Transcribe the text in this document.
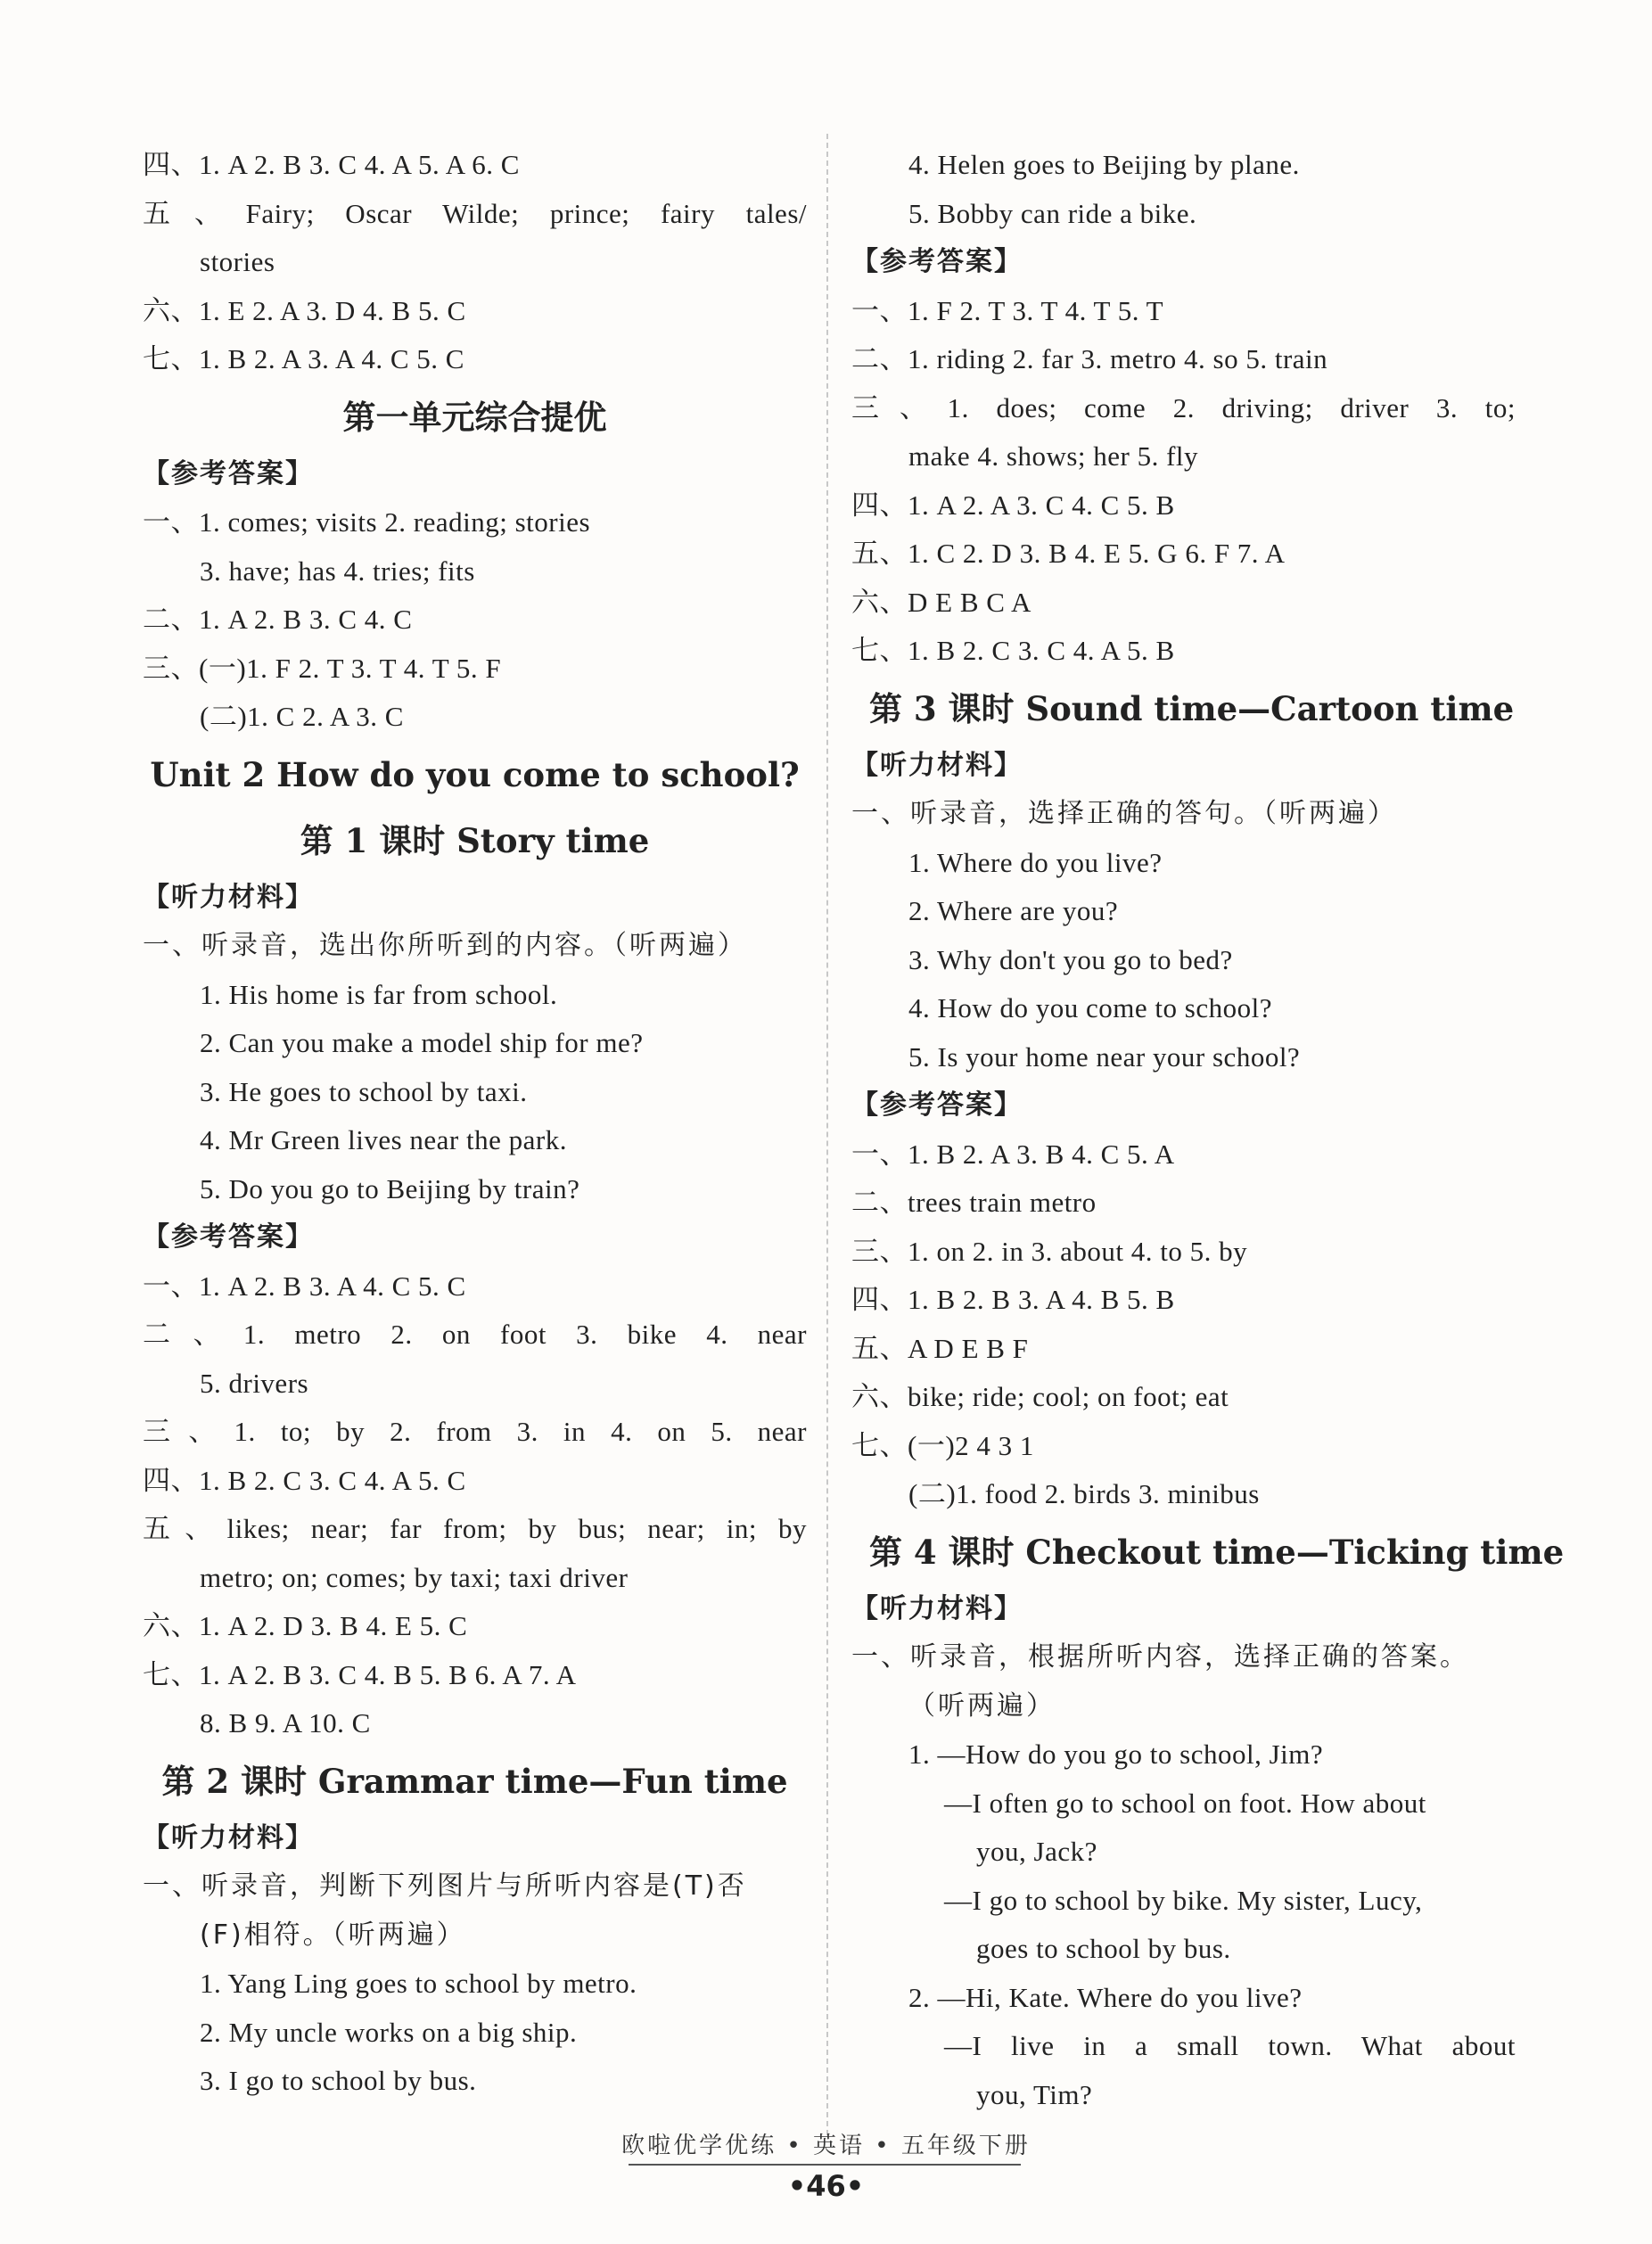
四、1. A 2. B 3. C 4. A 5. A 6. C
五、Fairy; Oscar Wilde; prince; fairy tales/
stories
六、1. E 2. A 3. D 4. B 5. C
七、1. B 2. A 3. A 4. C 5. C
第一单元综合提优
【参考答案】
一、1. comes; visits 2. reading; stories
3. have; has 4. tries; fits
二、1. A 2. B 3. C 4. C
三、(一)1. F 2. T 3. T 4. T 5. F
(二)1. C 2. A 3. C
Unit 2 How do you come to school?
第 1 课时 Story time
【听力材料】
一、听录音，选出你所听到的内容。（听两遍）
1. His home is far from school.
2. Can you make a model ship for me?
3. He goes to school by taxi.
4. Mr Green lives near the park.
5. Do you go to Beijing by train?
【参考答案】
一、1. A 2. B 3. A 4. C 5. C
二、1. metro 2. on foot 3. bike 4. near
5. drivers
三、1. to; by 2. from 3. in 4. on 5. near
四、1. B 2. C 3. C 4. A 5. C
五、likes; near; far from; by bus; near; in; by
metro; on; comes; by taxi; taxi driver
六、1. A 2. D 3. B 4. E 5. C
七、1. A 2. B 3. C 4. B 5. B 6. A 7. A
8. B 9. A 10. C
第 2 课时 Grammar time—Fun time
【听力材料】
一、听录音，判断下列图片与所听内容是(T)否
(F)相符。（听两遍）
1. Yang Ling goes to school by metro.
2. My uncle works on a big ship.
3. I go to school by bus.
4. Helen goes to Beijing by plane.
5. Bobby can ride a bike.
【参考答案】
一、1. F 2. T 3. T 4. T 5. T
二、1. riding 2. far 3. metro 4. so 5. train
三、1. does; come 2. driving; driver 3. to;
make 4. shows; her 5. fly
四、1. A 2. A 3. C 4. C 5. B
五、1. C 2. D 3. B 4. E 5. G 6. F 7. A
六、D E B C A
七、1. B 2. C 3. C 4. A 5. B
第 3 课时 Sound time—Cartoon time
【听力材料】
一、听录音，选择正确的答句。（听两遍）
1. Where do you live?
2. Where are you?
3. Why don't you go to bed?
4. How do you come to school?
5. Is your home near your school?
【参考答案】
一、1. B 2. A 3. B 4. C 5. A
二、trees train metro
三、1. on 2. in 3. about 4. to 5. by
四、1. B 2. B 3. A 4. B 5. B
五、A D E B F
六、bike; ride; cool; on foot; eat
七、(一)2 4 3 1
(二)1. food 2. birds 3. minibus
第 4 课时 Checkout time—Ticking time
【听力材料】
一、听录音，根据所听内容，选择正确的答案。
（听两遍）
1. —How do you go to school, Jim?
—I often go to school on foot. How about
you, Jack?
—I go to school by bike. My sister, Lucy,
goes to school by bus.
2. —Hi, Kate. Where do you live?
—I live in a small town. What about
you, Tim?
欧啦优学优练 • 英语 • 五年级下册
•46•
